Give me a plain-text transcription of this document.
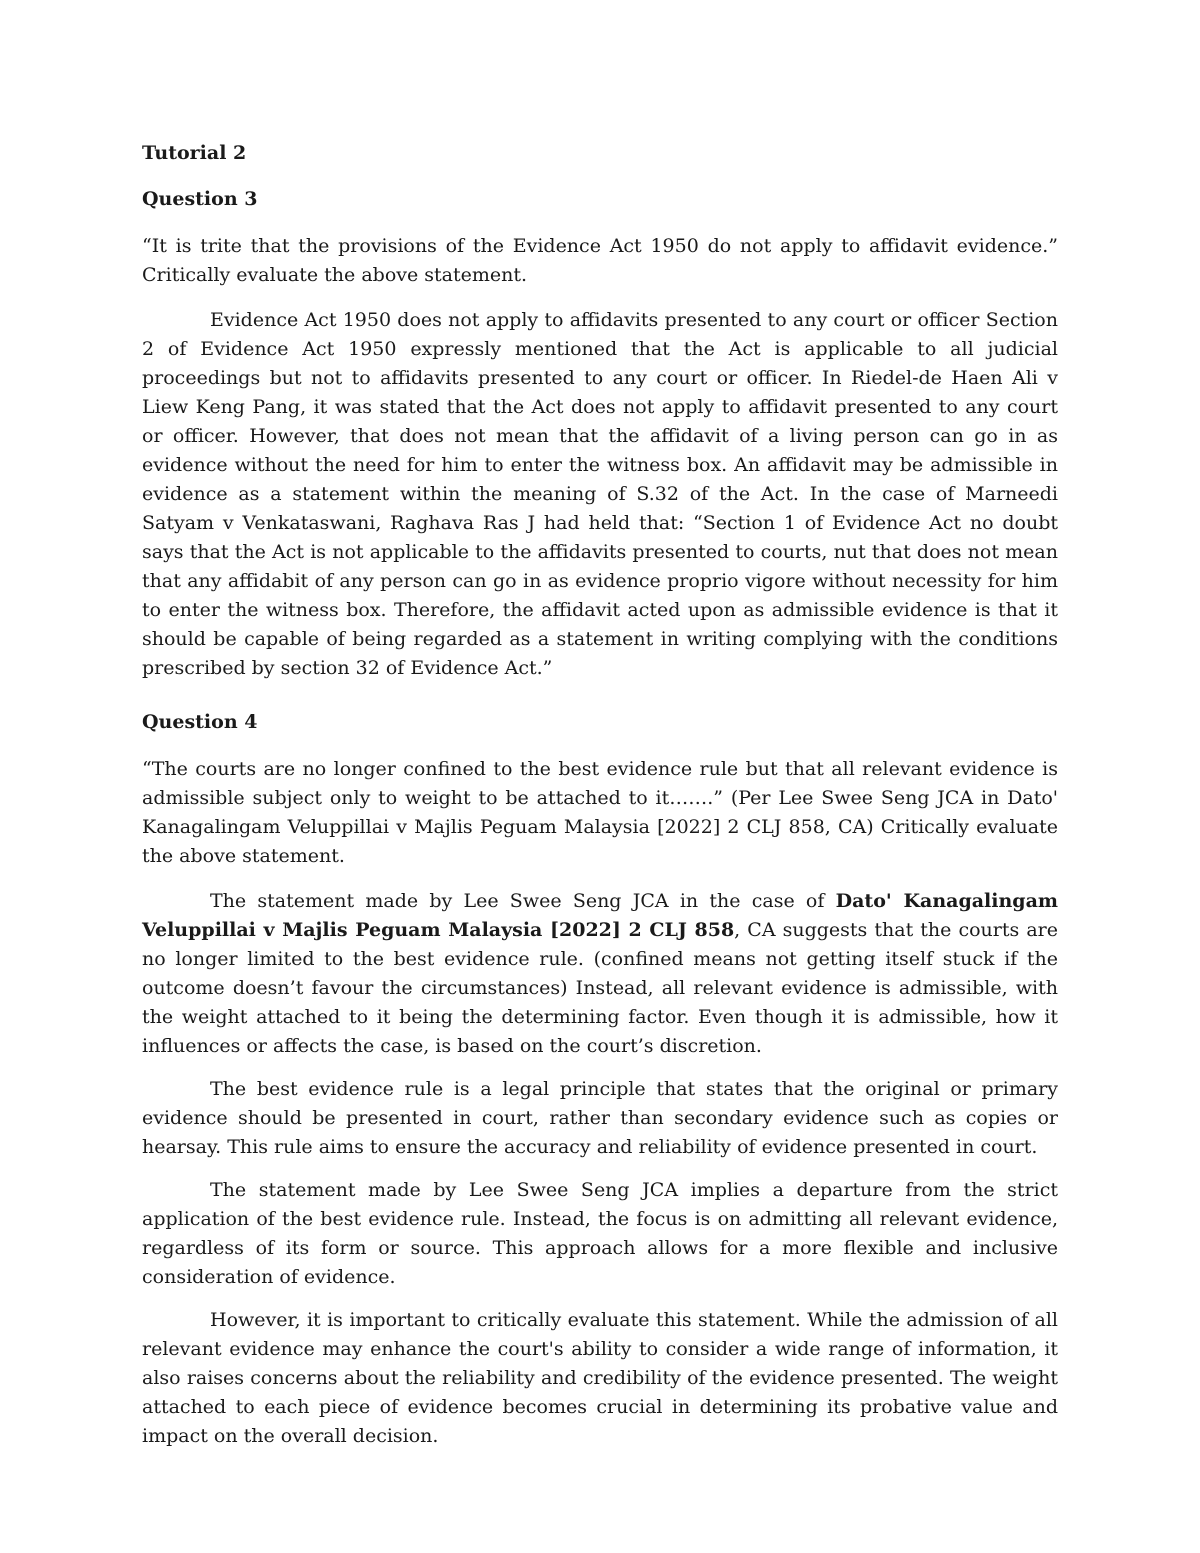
Tutorial 2

Question 3

“It is trite that the provisions of the Evidence Act 1950 do not apply to affidavit evidence.” Critically evaluate the above statement.

Evidence Act 1950 does not apply to affidavits presented to any court or officer Section 2 of Evidence Act 1950 expressly mentioned that the Act is applicable to all judicial proceedings but not to affidavits presented to any court or officer. In Riedel-de Haen Ali v Liew Keng Pang, it was stated that the Act does not apply to affidavit presented to any court or officer. However, that does not mean that the affidavit of a living person can go in as evidence without the need for him to enter the witness box. An affidavit may be admissible in evidence as a statement within the meaning of S.32 of the Act. In the case of Marneedi Satyam v Venkataswani, Raghava Ras J had held that: “Section 1 of Evidence Act no doubt says that the Act is not applicable to the affidavits presented to courts, nut that does not mean that any affidabit of any person can go in as evidence proprio vigore without necessity for him to enter the witness box. Therefore, the affidavit acted upon as admissible evidence is that it should be capable of being regarded as a statement in writing complying with the conditions prescribed by section 32 of Evidence Act.”

Question 4

“The courts are no longer confined to the best evidence rule but that all relevant evidence is admissible subject only to weight to be attached to it…….” (Per Lee Swee Seng JCA in Dato' Kanagalingam Veluppillai v Majlis Peguam Malaysia [2022] 2 CLJ 858, CA) Critically evaluate the above statement.

The statement made by Lee Swee Seng JCA in the case of Dato' Kanagalingam Veluppillai v Majlis Peguam Malaysia [2022] 2 CLJ 858, CA suggests that the courts are no longer limited to the best evidence rule. (confined means not getting itself stuck if the outcome doesn’t favour the circumstances) Instead, all relevant evidence is admissible, with the weight attached to it being the determining factor. Even though it is admissible, how it influences or affects the case, is based on the court’s discretion.

The best evidence rule is a legal principle that states that the original or primary evidence should be presented in court, rather than secondary evidence such as copies or hearsay. This rule aims to ensure the accuracy and reliability of evidence presented in court.

The statement made by Lee Swee Seng JCA implies a departure from the strict application of the best evidence rule. Instead, the focus is on admitting all relevant evidence, regardless of its form or source. This approach allows for a more flexible and inclusive consideration of evidence.

However, it is important to critically evaluate this statement. While the admission of all relevant evidence may enhance the court's ability to consider a wide range of information, it also raises concerns about the reliability and credibility of the evidence presented. The weight attached to each piece of evidence becomes crucial in determining its probative value and impact on the overall decision.
